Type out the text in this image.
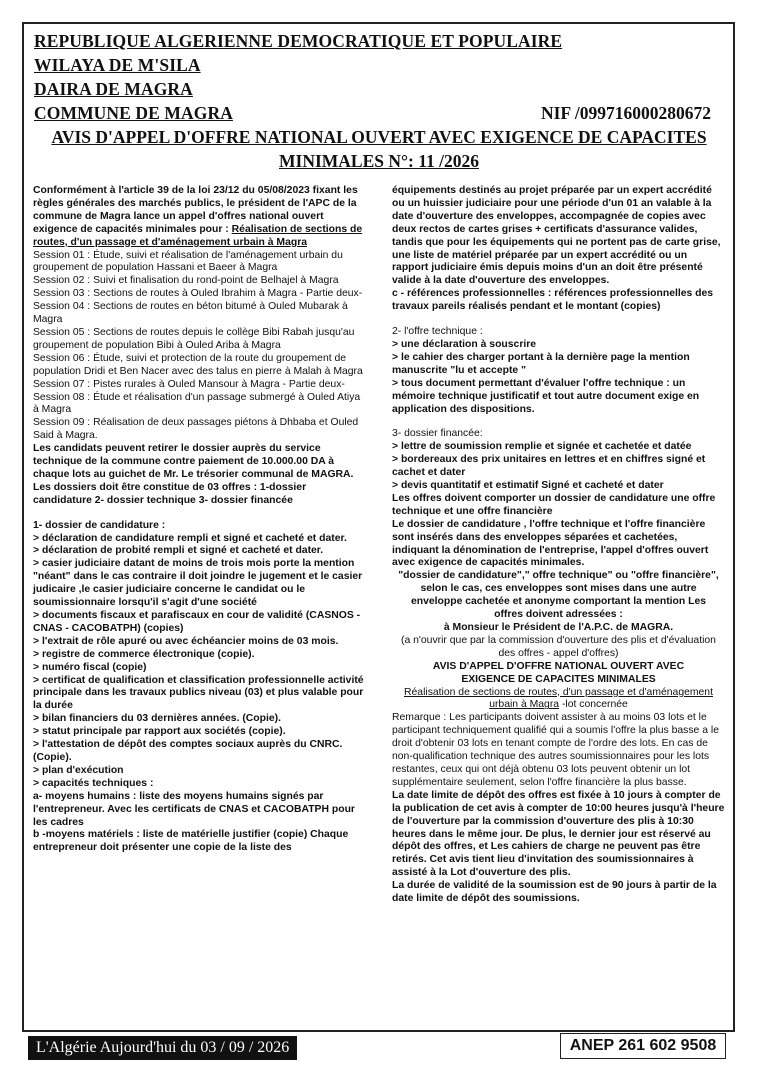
REPUBLIQUE ALGERIENNE DEMOCRATIQUE ET POPULAIRE
WILAYA DE M'SILA
DAIRA DE MAGRA
COMMUNE DE MAGRA	NIF /099716000280672
AVIS D'APPEL D'OFFRE NATIONAL OUVERT AVEC EXIGENCE DE CAPACITES
MINIMALES N°: 11 /2026

Conformément à l'article 39 de la loi 23/12 du 05/08/2023 fixant les règles générales des marchés publics, le président de l'APC de la commune de Magra lance un appel d'offres national ouvert exigence de capacités minimales pour : Réalisation de sections de routes, d'un passage et d'aménagement urbain à Magra

Session 01 : Étude, suivi et réalisation de l'aménagement urbain du groupement de population Hassani et Baeer à Magra

Session 02 : Suivi et finalisation du rond-point de Belhajel à Magra

Session 03 : Sections de routes à Ouled Ibrahim à Magra - Partie deux-

Session 04 : Sections de routes en béton bitumé à Ouled Mubarak à Magra

Session 05 : Sections de routes depuis le collège Bibi Rabah jusqu'au groupement de population Bibi à Ouled Ariba à Magra

Session 06 : Étude, suivi et protection de la route du groupement de population Dridi et Ben Nacer avec des talus en pierre à Malah à Magra

Session 07 : Pistes rurales à Ouled Mansour à Magra - Partie deux-

Session 08 : Étude et réalisation d'un passage submergé à Ouled Atiya à Magra

Session 09 : Réalisation de deux passages piétons à Dhbaba et Ouled Said à Magra.

Les candidats peuvent retirer le dossier auprès du service technique de la commune contre paiement de 10.000.00 DA à chaque lots au guichet de Mr. Le trésorier communal de MAGRA.

Les dossiers doit être constitue de 03 offres : 1-dossier candidature 2- dossier technique 3- dossier financée

1- dossier de candidature :

> déclaration de candidature rempli et signé et cacheté et dater.

> déclaration de probité rempli et signé et cacheté et dater.

> casier judiciaire datant de moins de trois mois porte la mention "néant" dans le cas contraire il doit joindre le jugement et le casier judicaire ,le casier judiciaire concerne le candidat ou le soumissionnaire lorsqu'il s'agit d'une société

> documents fiscaux et parafiscaux en cour de validité (CASNOS -CNAS - CACOBATPH) (copies)

> l'extrait de rôle apuré ou avec échéancier moins de 03 mois.

> registre de commerce électronique (copie).

> numéro fiscal (copie)

> certificat de qualification et classification professionnelle activité principale dans les travaux publics niveau (03) et plus valable pour la durée

> bilan financiers du 03 dernières années. (Copie).

> statut principale par rapport aux sociétés (copie).

> l'attestation de dépôt des comptes sociaux auprès du CNRC. (Copie).

> plan d'exécution

> capacités techniques :

a- moyens humains : liste des moyens humains signés par l'entrepreneur. Avec les certificats de CNAS et CACOBATPH pour les cadres

b -moyens matériels : liste de matérielle justifier (copie) Chaque entrepreneur doit présenter une copie de la liste des

équipements destinés au projet préparée par un expert accrédité ou un huissier judiciaire pour une période d'un 01 an valable à la date d'ouverture des enveloppes, accompagnée de copies avec deux rectos de cartes grises + certificats d'assurance valides, tandis que pour les équipements qui ne portent pas de carte grise, une liste de matériel préparée par un expert accrédité ou un rapport judiciaire émis depuis moins d'un an doit être présenté valide à la date d'ouverture des enveloppes.

c - références professionnelles : références professionnelles des travaux pareils réalisés pendant et le montant (copies)

2- l'offre technique :

> une déclaration à souscrire

> le cahier des charger portant à la dernière page la mention manuscrite "lu et accepte "

> tous document permettant d'évaluer l'offre technique : un mémoire technique justificatif et tout autre document exige en application des dispositions.

3- dossier financée:

> lettre de soumission remplie et signée et cachetée et datée

> bordereaux des prix unitaires en lettres et en chiffres signé et cachet et dater

> devis quantitatif et estimatif Signé et cacheté et dater

Les offres doivent comporter un dossier de candidature une offre technique et une offre financière

Le dossier de candidature , l'offre technique et l'offre financière sont insérés dans des enveloppes séparées et cachetées, indiquant la dénomination de l'entreprise, l'appel d'offres ouvert avec exigence de capacités minimales.

"dossier de candidature"," offre technique" ou "offre financière",

selon le cas, ces enveloppes sont mises dans une autre

enveloppe cachetée et anonyme comportant la mention Les

offres doivent adressées :

à Monsieur le Président de l'A.P.C. de MAGRA.

(a n'ouvrir que par la commission d'ouverture des plis et d'évaluation des offres - appel d'offres)

AVIS D'APPEL D'OFFRE NATIONAL OUVERT AVEC

EXIGENCE DE CAPACITES MINIMALES

Réalisation de sections de routes, d'un passage et d'aménagement urbain à Magra -lot concernée

Remarque : Les participants doivent assister à au moins 03 lots et le participant techniquement qualifié qui a soumis l'offre la plus basse a le droit d'obtenir 03 lots en tenant compte de l'ordre des lots. En cas de non-qualification technique des autres soumissionnaires pour les lots restantes, ceux qui ont déjà obtenu 03 lots peuvent obtenir un lot supplémentaire seulement, selon l'offre financière la plus basse.

La date limite de dépôt des offres est fixée à 10 jours à compter de la publication de cet avis à compter de 10:00 heures jusqu'à l'heure de l'ouverture par la commission d'ouverture des plis à 10:30 heures dans le même jour. De plus, le dernier jour est réservé au dépôt des offres, et Les cahiers de charge ne peuvent pas être retirés. Cet avis tient lieu d'invitation des soumissionnaires à assisté à la Lot d'ouverture des plis.

La durée de validité de la soumission est de 90 jours à partir de la date limite de dépôt des soumissions.

L'Algérie Aujourd'hui du 03 / 09 / 2026	ANEP 261 602 9508
